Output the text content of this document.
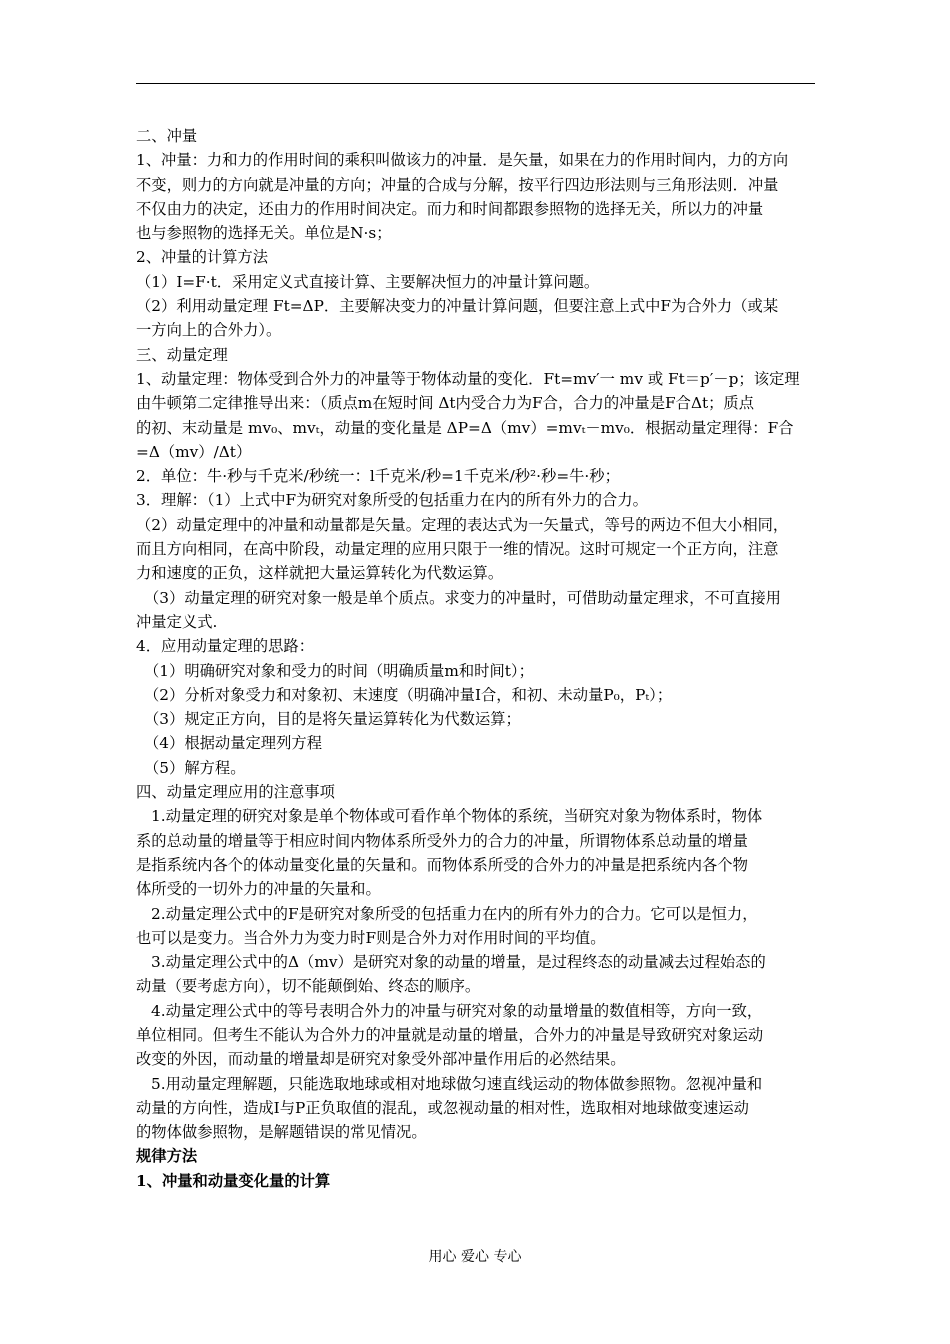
二、冲量
1、冲量：力和力的作用时间的乘积叫做该力的冲量．是矢量，如果在力的作用时间内，力的方向
不变，则力的方向就是冲量的方向；冲量的合成与分解，按平行四边形法则与三角形法则．冲量
不仅由力的决定，还由力的作用时间决定。而力和时间都跟参照物的选择无关，所以力的冲量
也与参照物的选择无关。单位是N·s；
2、冲量的计算方法
（1）I=F·t．采用定义式直接计算、主要解决恒力的冲量计算问题。
（2）利用动量定理 Ft=ΔP．主要解决变力的冲量计算问题，但要注意上式中F为合外力（或某
一方向上的合外力）。
三、动量定理
1、动量定理：物体受到合外力的冲量等于物体动量的变化．Ft=mv′一 mv 或 Ft＝p′－p；该定理
由牛顿第二定律推导出来：（质点m在短时间 Δt内受合力为F合，合力的冲量是F合Δt；质点
的初、末动量是 mv₀、mvₜ，动量的变化量是 ΔP=Δ（mv）=mvₜ－mv₀．根据动量定理得：F合
=Δ（mv）/Δt）
2．单位：牛·秒与千克米/秒统一：l千克米/秒=1千克米/秒²·秒=牛·秒；
3．理解：（1）上式中F为研究对象所受的包括重力在内的所有外力的合力。
（2）动量定理中的冲量和动量都是矢量。定理的表达式为一矢量式，等号的两边不但大小相同，
而且方向相同，在高中阶段，动量定理的应用只限于一维的情况。这时可规定一个正方向，注意
力和速度的正负，这样就把大量运算转化为代数运算。
（3）动量定理的研究对象一般是单个质点。求变力的冲量时，可借助动量定理求，不可直接用
冲量定义式.
4．应用动量定理的思路：
（1）明确研究对象和受力的时间（明确质量m和时间t）；
（2）分析对象受力和对象初、末速度（明确冲量I合，和初、未动量P₀，Pₜ）；
（3）规定正方向，目的是将矢量运算转化为代数运算；
（4）根据动量定理列方程
（5）解方程。
四、动量定理应用的注意事项
1.动量定理的研究对象是单个物体或可看作单个物体的系统，当研究对象为物体系时，物体
系的总动量的增量等于相应时间内物体系所受外力的合力的冲量，所谓物体系总动量的增量
是指系统内各个的体动量变化量的矢量和。而物体系所受的合外力的冲量是把系统内各个物
体所受的一切外力的冲量的矢量和。
2.动量定理公式中的F是研究对象所受的包括重力在内的所有外力的合力。它可以是恒力，
也可以是变力。当合外力为变力时F则是合外力对作用时间的平均值。
3.动量定理公式中的Δ（mv）是研究对象的动量的增量，是过程终态的动量减去过程始态的
动量（要考虑方向），切不能颠倒始、终态的顺序。
4.动量定理公式中的等号表明合外力的冲量与研究对象的动量增量的数值相等，方向一致，
单位相同。但考生不能认为合外力的冲量就是动量的增量，合外力的冲量是导致研究对象运动
改变的外因，而动量的增量却是研究对象受外部冲量作用后的必然结果。
5.用动量定理解题，只能选取地球或相对地球做匀速直线运动的物体做参照物。忽视冲量和
动量的方向性，造成I与P正负取值的混乱，或忽视动量的相对性，选取相对地球做变速运动
的物体做参照物，是解题错误的常见情况。
规律方法
1、冲量和动量变化量的计算
用心 爱心 专心
